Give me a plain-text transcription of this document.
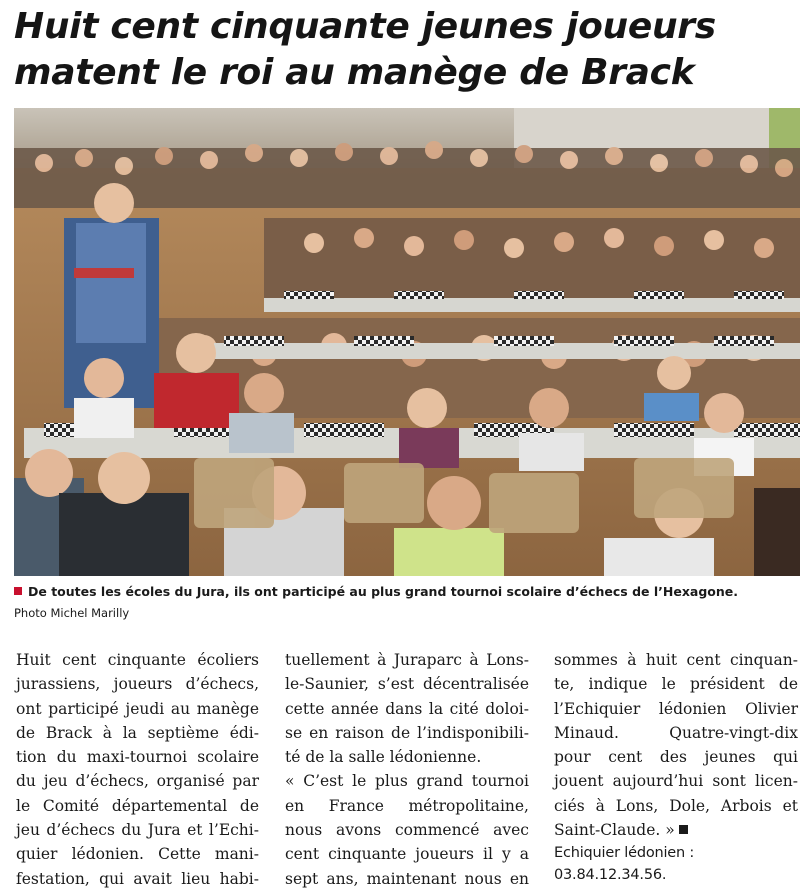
Huit cent cinquante jeunes joueurs
matent le roi au manège de Brack
De toutes les écoles du Jura, ils ont participé au plus grand tournoi scolaire d’échecs de l’Hexagone.
Photo Michel Marilly
Huit cent cinquante écoliers
jurassiens, joueurs d’échecs,
ont participé jeudi au manège
de Brack à la septième édi-
tion du maxi-tournoi scolaire
du jeu d’échecs, organisé par
le Comité départemental de
jeu d’échecs du Jura et l’Echi-
quier lédonien. Cette mani-
festation, qui avait lieu habi-
tuellement à Juraparc à Lons-
le-Saunier, s’est décentralisée
cette année dans la cité doloi-
se en raison de l’indisponibili-
té de la salle lédonienne.
« C’est le plus grand tournoi
en France métropolitaine,
nous avons commencé avec
cent cinquante joueurs il y a
sept ans, maintenant nous en
sommes à huit cent cinquan-
te, indique le président de
l’Echiquier lédonien Olivier
Minaud. Quatre-vingt-dix
pour cent des jeunes qui
jouent aujourd’hui sont licen-
ciés à Lons, Dole, Arbois et
Saint-Claude. »
Echiquier lédonien :
03.84.12.34.56.
